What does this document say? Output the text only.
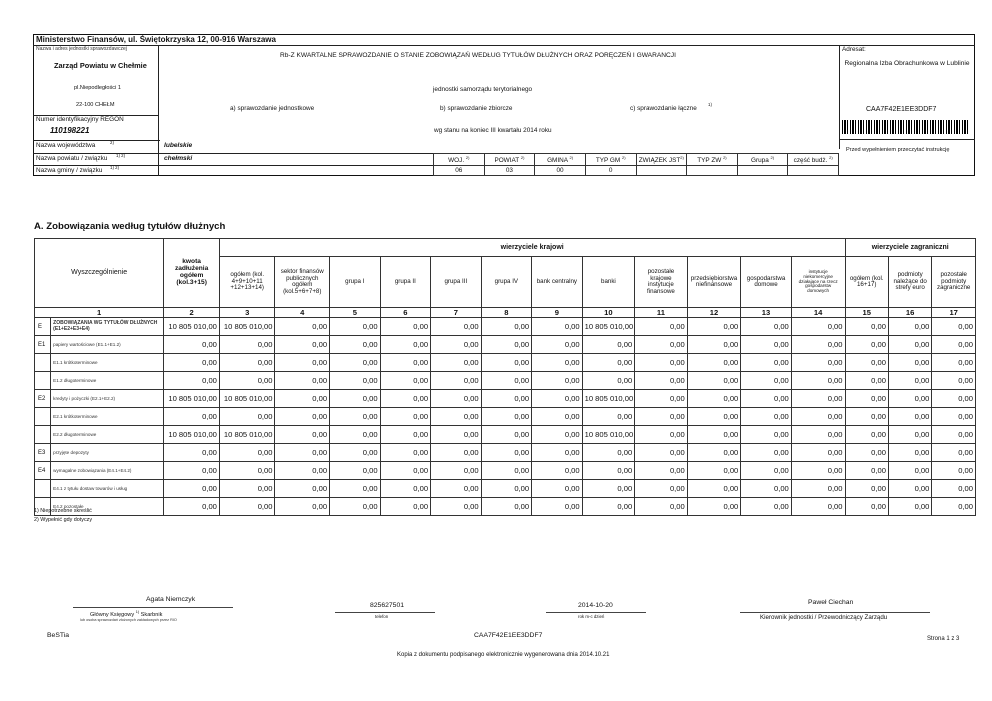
Ministerstwo Finansów, ul. Świętokrzyska 12, 00-916 Warszawa
Nazwa i adres jednostki sprawozdawczej
Zarząd Powiatu w Chełmie
pl.Niepodległości 1
22-100 CHEŁM
Numer identyfikacyjny REGON
110198221
Rb-Z KWARTALNE SPRAWOZDANIE O STANIE ZOBOWIĄZAŃ WEDŁUG TYTUŁÓW DŁUŻNYCH ORAZ PORĘCZEŃ I GWARANCJI
jednostki samorządu terytorialnego
a) sprawozdanie jednostkowe	b) sprawozdanie zbiorcze	c) sprawozdanie łączne
1)
wg stanu na koniec III kwartału 2014 roku
Adresat:
Regionalna Izba Obrachunkowa w Lublinie
CAA7F42E1EE3DDF7
Przed wypełnieniem przeczytać instrukcję
Nazwa województwa	2)	lubelskie
Nazwa powiatu / związku 1) 2)	chełmski
Nazwa gminy / związku 1) 2)
WOJ. $^{2)}$	POWIAT $^{2)}$	GMINA $^{2)}$	TYP GM $^{2)}$	ZWIĄZEK JST$^{2)}$	TYP ZW $^{2)}$	Grupa $^{2)}$	część budż. $^{2)}$
06	03	00	0				
A. Zobowiązania według tytułów dłużnych
Wyszczególnienie		kwota zadłużenia ogółem (kol.3+15)	wierzyciele krajowi												wierzyciele zagraniczni		
			ogółem (kol. 4+9+10+11 +12+13+14)	sektor finansów publicznych ogółem (kol.5+6+7+8)	grupa I	grupa II	grupa III	grupa IV	bank centralny	banki	pozostałe krajowe instytucje finansowe	przedsiębiorstwa niefinansowe	gospodarstwa domowe	instytucje niekomercyjne działające na rzecz gospodarstw domowych	ogółem (kol. 16+17)	podmioty należące do strefy euro	pozostałe podmioty zagraniczne
1		2	3	4	5	6	7	8	9	10	11	12	13	14	15	16	17
E	ZOBOWIĄZANIA WG TYTUŁÓW DŁUŻNYCH (E1+E2+E3+E4)	10 805 010,00	10 805 010,00	0,00	0,00	0,00	0,00	0,00	0,00	10 805 010,00	0,00	0,00	0,00	0,00	0,00	0,00	0,00
E1	papiery wartościowe (E1.1+E1.2)	0,00	0,00	0,00	0,00	0,00	0,00	0,00	0,00	0,00	0,00	0,00	0,00	0,00	0,00	0,00	0,00
	E1.1 krótkoterminowe	0,00	0,00	0,00	0,00	0,00	0,00	0,00	0,00	0,00	0,00	0,00	0,00	0,00	0,00	0,00	0,00
	E1.2 długoterminowe	0,00	0,00	0,00	0,00	0,00	0,00	0,00	0,00	0,00	0,00	0,00	0,00	0,00	0,00	0,00	0,00
E2	kredyty i pożyczki (E2.1+E2.2)	10 805 010,00	10 805 010,00	0,00	0,00	0,00	0,00	0,00	0,00	10 805 010,00	0,00	0,00	0,00	0,00	0,00	0,00	0,00
	E2.1 krótkoterminowe	0,00	0,00	0,00	0,00	0,00	0,00	0,00	0,00	0,00	0,00	0,00	0,00	0,00	0,00	0,00	0,00
	E2.2 długoterminowe	10 805 010,00	10 805 010,00	0,00	0,00	0,00	0,00	0,00	0,00	10 805 010,00	0,00	0,00	0,00	0,00	0,00	0,00	0,00
E3	przyjęte depozyty	0,00	0,00	0,00	0,00	0,00	0,00	0,00	0,00	0,00	0,00	0,00	0,00	0,00	0,00	0,00	0,00
E4	wymagalne zobowiązania (E4.1+E4.2)	0,00	0,00	0,00	0,00	0,00	0,00	0,00	0,00	0,00	0,00	0,00	0,00	0,00	0,00	0,00	0,00
	E4.1 z tytułu dostaw towarów i usług	0,00	0,00	0,00	0,00	0,00	0,00	0,00	0,00	0,00	0,00	0,00	0,00	0,00	0,00	0,00	0,00
	E4.2 pozostałe	0,00	0,00	0,00	0,00	0,00	0,00	0,00	0,00	0,00	0,00	0,00	0,00	0,00	0,00	0,00	0,00
1) Niepotrzebne skreślić
2) Wypełnić gdy dotyczy
Agata Niemczyk
Główny Księgowy $^{1)}$ Skarbnik
lub osoba sprawozdań złożonych zakładowych przez RIO
825627501
telefon
2014-10-20
rok m-c dzień
Paweł Ciechan
Kierownik jednostki / Przewodniczący Zarządu
BeSTia	CAA7F42E1EE3DDF7	Strona 1 z 3
Kopia z dokumentu podpisanego elektronicznie wygenerowana dnia 2014.10.21
